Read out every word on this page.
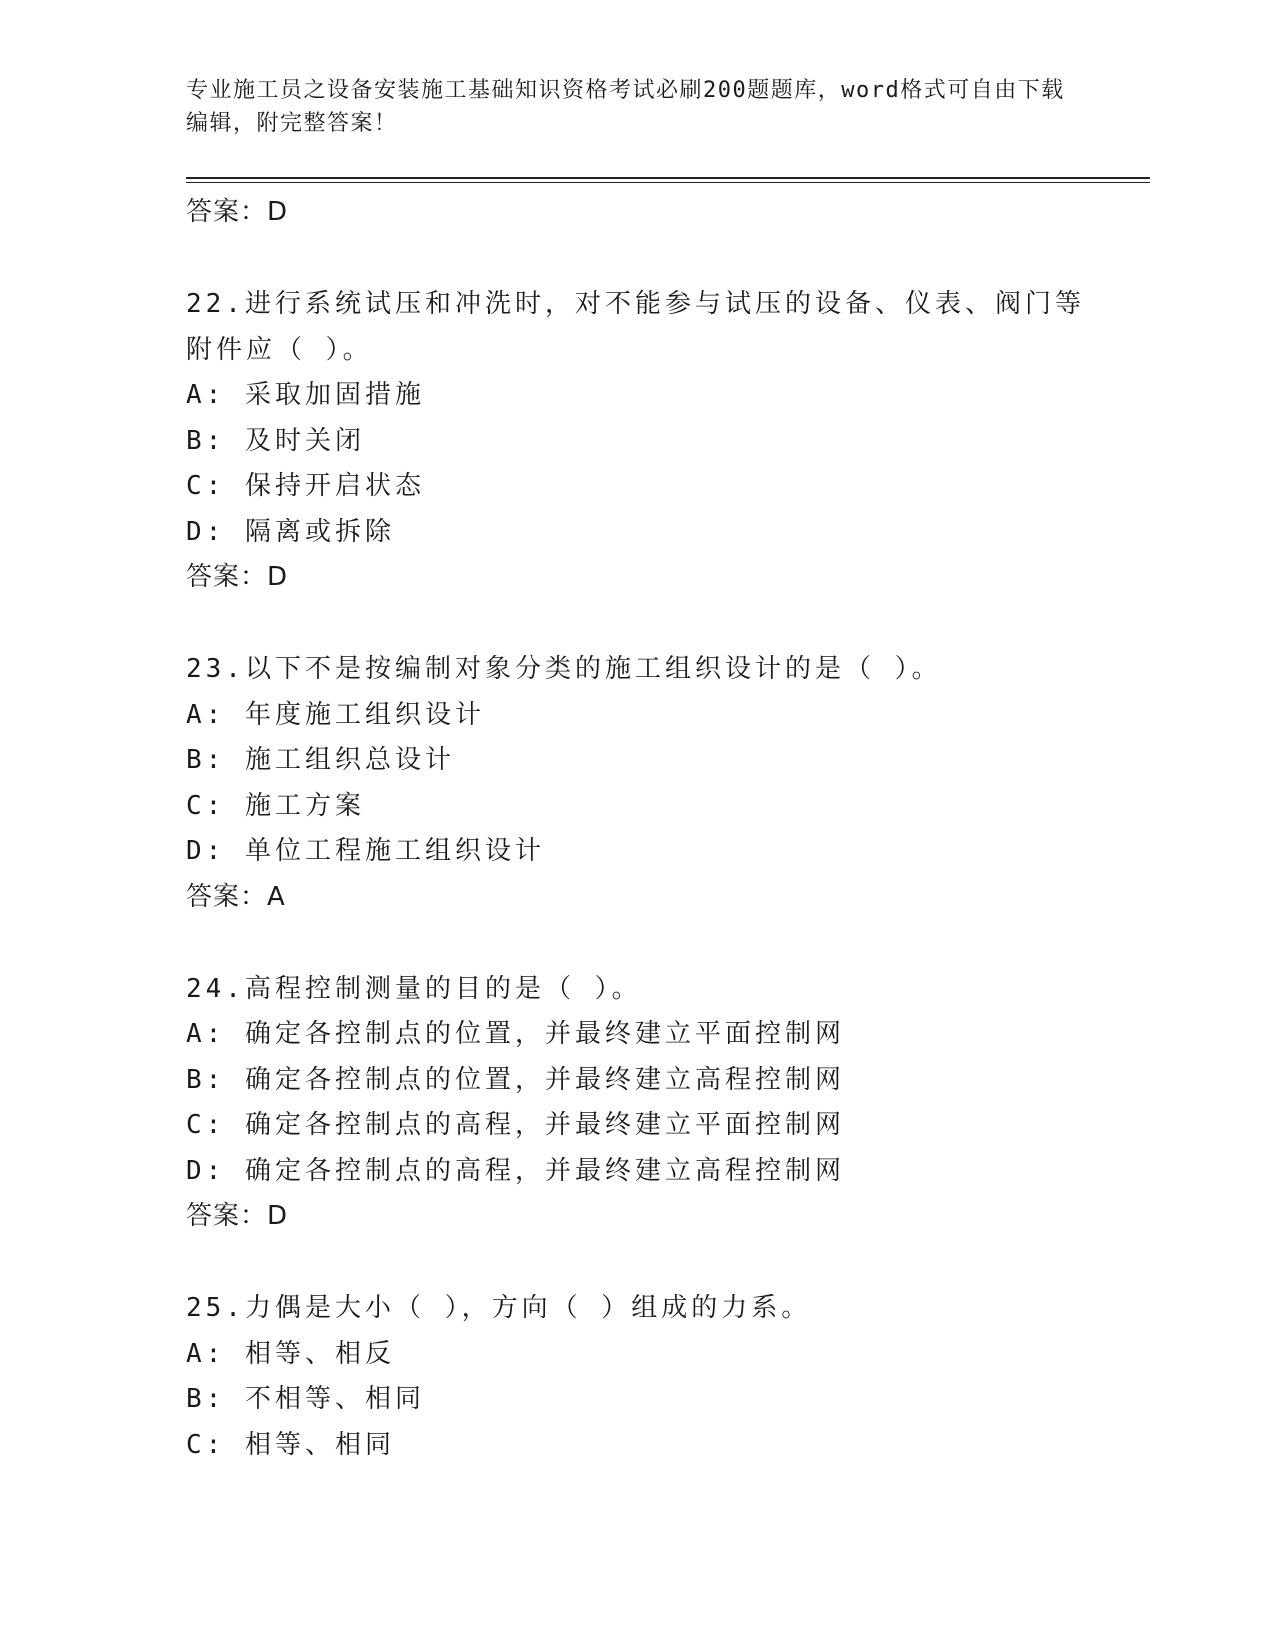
专业施工员之设备安装施工基础知识资格考试必刷200题题库，word格式可自由下载编辑，附完整答案！
答案：D
22.进行系统试压和冲洗时，对不能参与试压的设备、仪表、阀门等附件应（ ）。
A: 采取加固措施
B: 及时关闭
C: 保持开启状态
D: 隔离或拆除
答案：D
23.以下不是按编制对象分类的施工组织设计的是（ ）。
A: 年度施工组织设计
B: 施工组织总设计
C: 施工方案
D: 单位工程施工组织设计
答案：A
24.高程控制测量的目的是（ ）。
A: 确定各控制点的位置，并最终建立平面控制网
B: 确定各控制点的位置，并最终建立高程控制网
C: 确定各控制点的高程，并最终建立平面控制网
D: 确定各控制点的高程，并最终建立高程控制网
答案：D
25.力偶是大小（ ），方向（ ）组成的力系。
A: 相等、相反
B: 不相等、相同
C: 相等、相同
